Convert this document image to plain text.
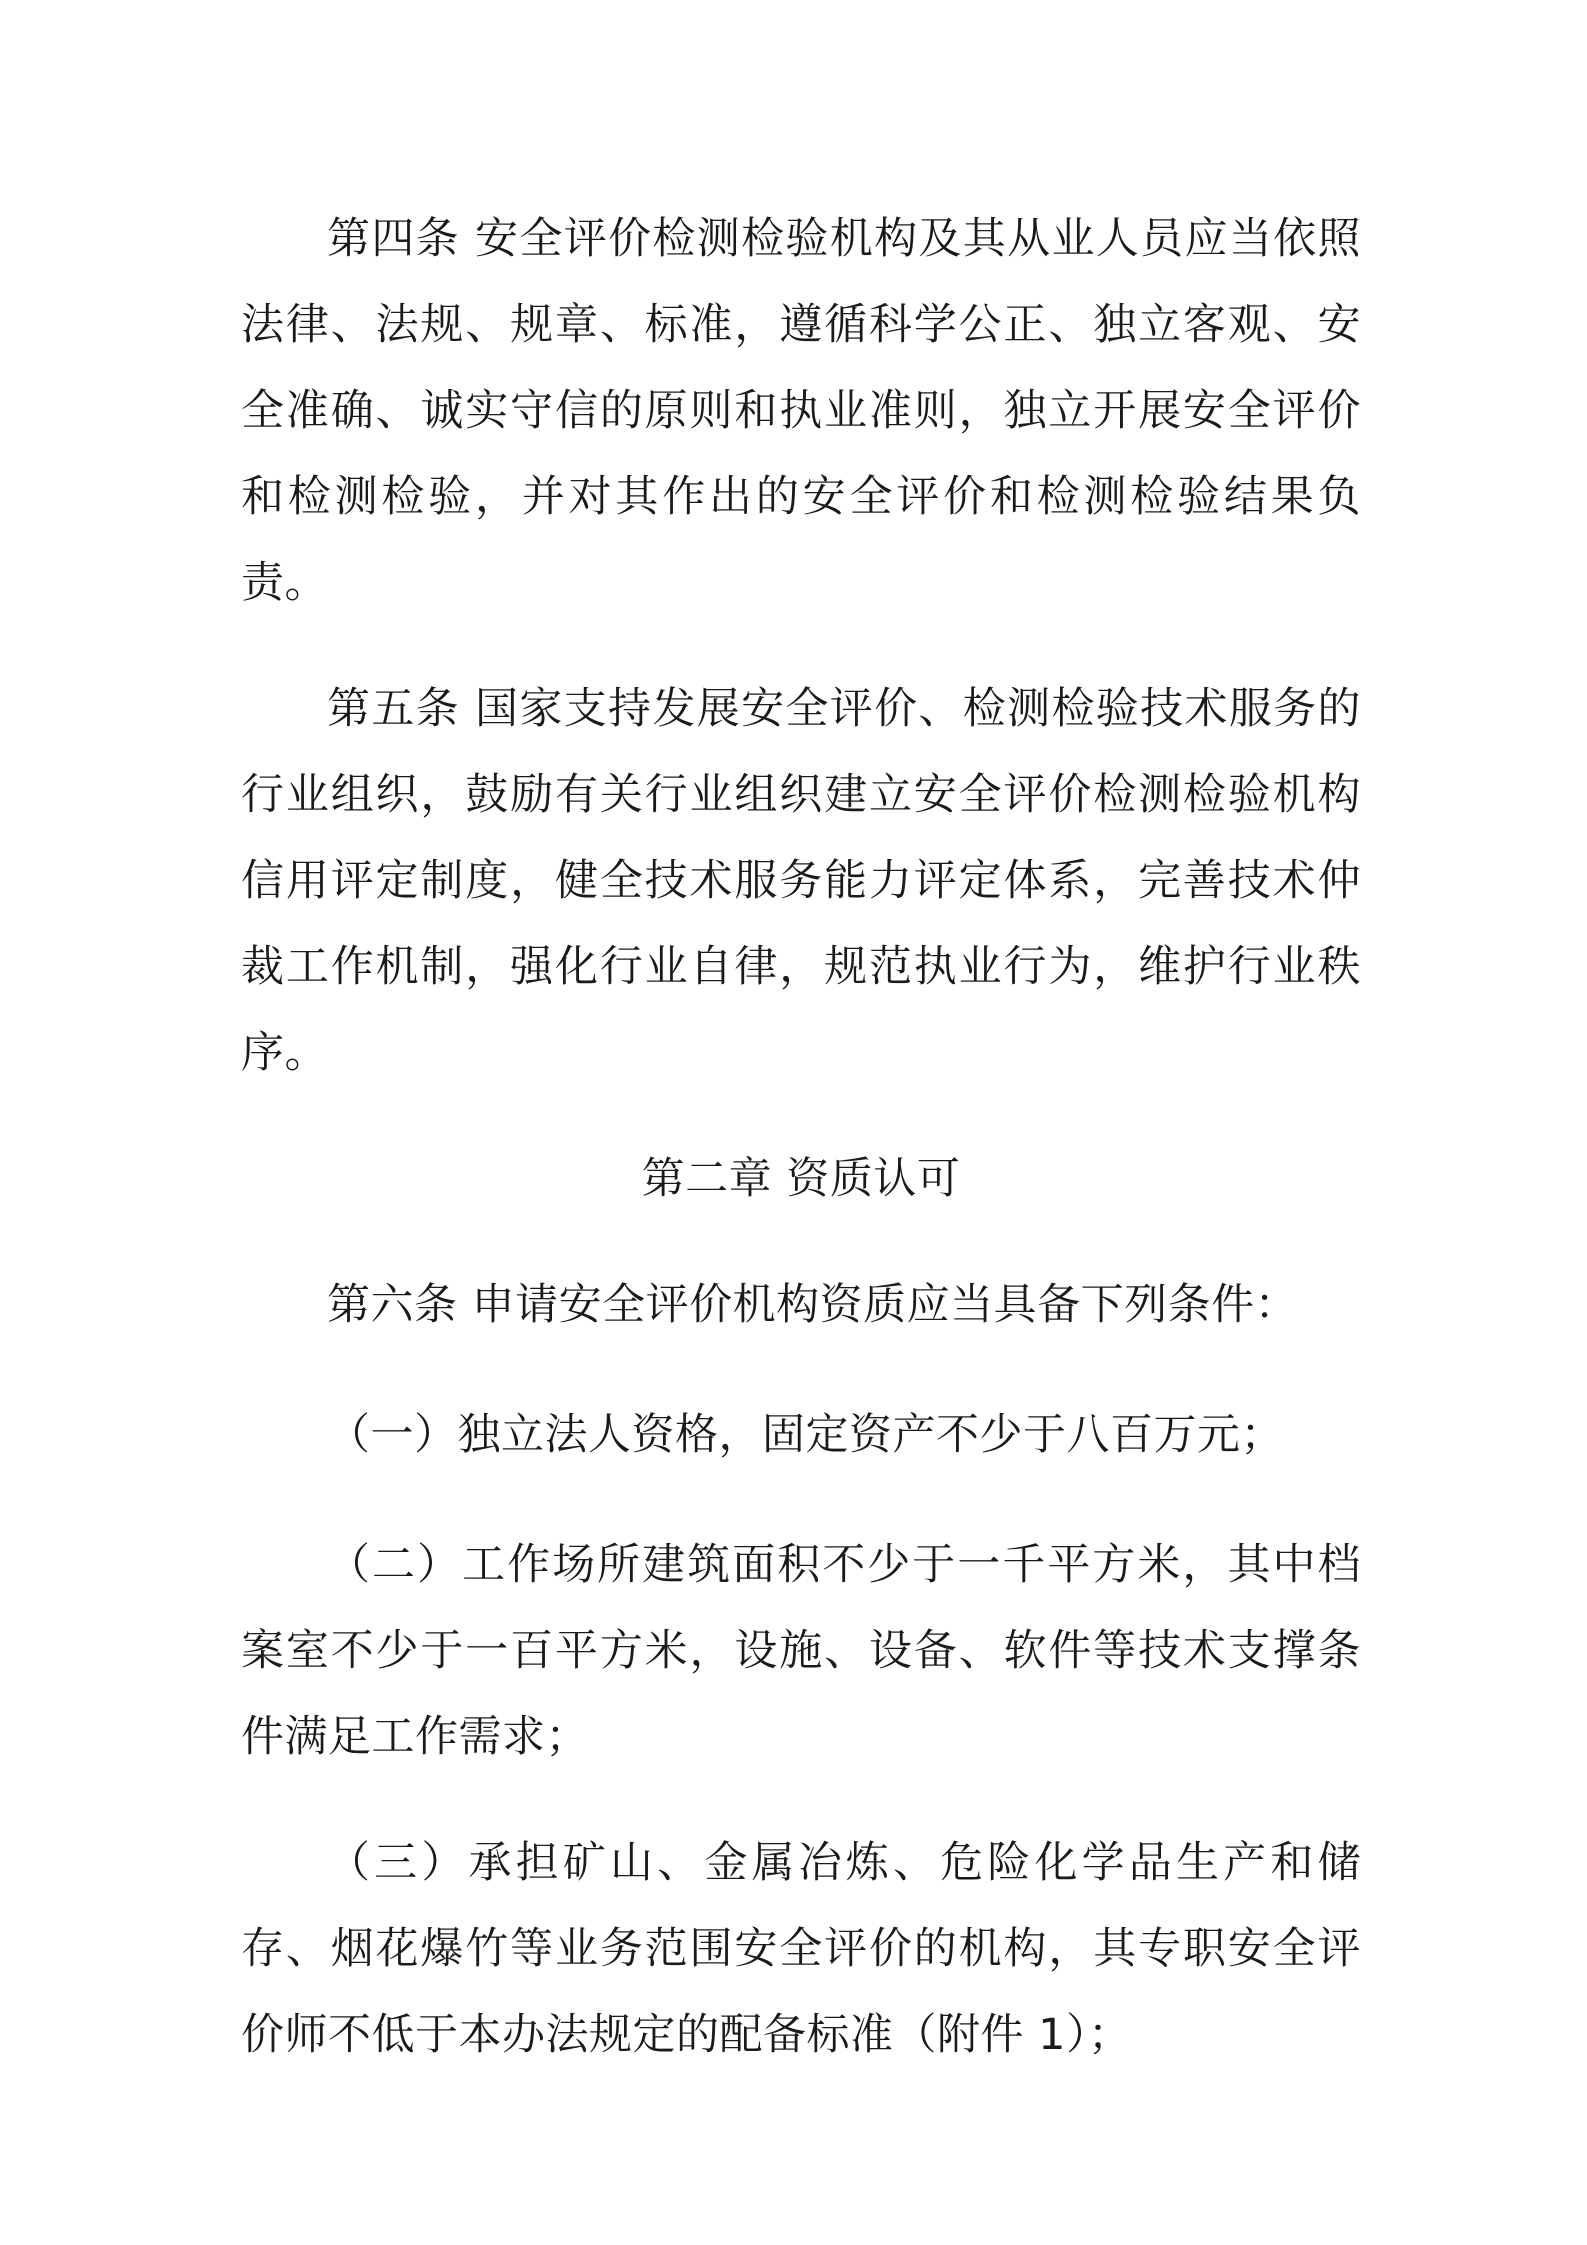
第四条 安全评价检测检验机构及其从业人员应当依照法律、法规、规章、标准，遵循科学公正、独立客观、安全准确、诚实守信的原则和执业准则，独立开展安全评价和检测检验，并对其作出的安全评价和检测检验结果负责。

第五条 国家支持发展安全评价、检测检验技术服务的行业组织，鼓励有关行业组织建立安全评价检测检验机构信用评定制度，健全技术服务能力评定体系，完善技术仲裁工作机制，强化行业自律，规范执业行为，维护行业秩序。

第二章 资质认可

第六条 申请安全评价机构资质应当具备下列条件：

（一）独立法人资格，固定资产不少于八百万元；

（二）工作场所建筑面积不少于一千平方米，其中档案室不少于一百平方米，设施、设备、软件等技术支撑条件满足工作需求；

（三）承担矿山、金属冶炼、危险化学品生产和储存、烟花爆竹等业务范围安全评价的机构，其专职安全评价师不低于本办法规定的配备标准（附件 1）；
